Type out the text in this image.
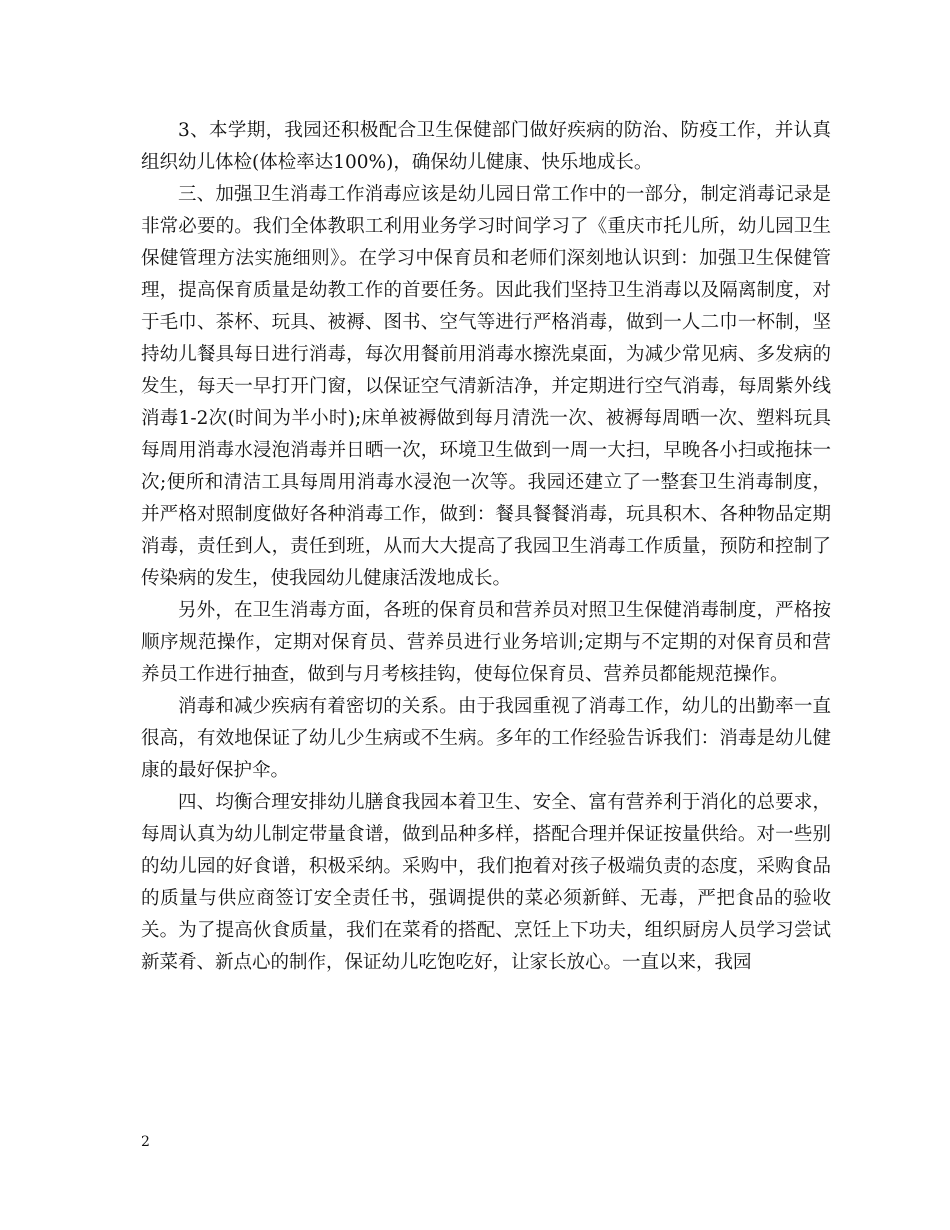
3、本学期，我园还积极配合卫生保健部门做好疾病的防治、防疫工作，并认真组织幼儿体检(体检率达100%)，确保幼儿健康、快乐地成长。

三、加强卫生消毒工作消毒应该是幼儿园日常工作中的一部分，制定消毒记录是非常必要的。我们全体教职工利用业务学习时间学习了《重庆市托儿所，幼儿园卫生保健管理方法实施细则》。在学习中保育员和老师们深刻地认识到：加强卫生保健管理，提高保育质量是幼教工作的首要任务。因此我们坚持卫生消毒以及隔离制度，对于毛巾、茶杯、玩具、被褥、图书、空气等进行严格消毒，做到一人二巾一杯制，坚持幼儿餐具每日进行消毒，每次用餐前用消毒水擦洗桌面，为减少常见病、多发病的发生，每天一早打开门窗，以保证空气清新洁净，并定期进行空气消毒，每周紫外线消毒1-2次(时间为半小时);床单被褥做到每月清洗一次、被褥每周晒一次、塑料玩具每周用消毒水浸泡消毒并日晒一次，环境卫生做到一周一大扫，早晚各小扫或拖抹一次;便所和清洁工具每周用消毒水浸泡一次等。我园还建立了一整套卫生消毒制度，并严格对照制度做好各种消毒工作，做到：餐具餐餐消毒，玩具积木、各种物品定期消毒，责任到人，责任到班，从而大大提高了我园卫生消毒工作质量，预防和控制了传染病的发生，使我园幼儿健康活泼地成长。

另外，在卫生消毒方面，各班的保育员和营养员对照卫生保健消毒制度，严格按顺序规范操作，定期对保育员、营养员进行业务培训;定期与不定期的对保育员和营养员工作进行抽查，做到与月考核挂钩，使每位保育员、营养员都能规范操作。

消毒和减少疾病有着密切的关系。由于我园重视了消毒工作，幼儿的出勤率一直很高，有效地保证了幼儿少生病或不生病。多年的工作经验告诉我们：消毒是幼儿健康的最好保护伞。

四、均衡合理安排幼儿膳食我园本着卫生、安全、富有营养利于消化的总要求，每周认真为幼儿制定带量食谱，做到品种多样，搭配合理并保证按量供给。对一些别的幼儿园的好食谱，积极采纳。采购中，我们抱着对孩子极端负责的态度，采购食品的质量与供应商签订安全责任书，强调提供的菜必须新鲜、无毒，严把食品的验收关。为了提高伙食质量，我们在菜肴的搭配、烹饪上下功夫，组织厨房人员学习尝试新菜肴、新点心的制作，保证幼儿吃饱吃好，让家长放心。一直以来，我园

2
